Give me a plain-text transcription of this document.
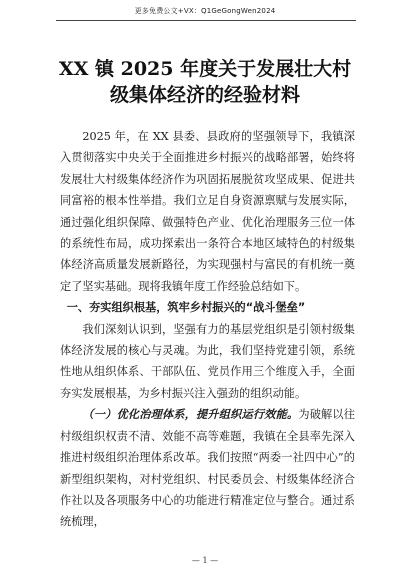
更多免费公文+VX：Q1GeGongWen2024
XX 镇 2025 年度关于发展壮大村级集体经济的经验材料

2025 年，在 XX 县委、县政府的坚强领导下，我镇深入贯彻落实中央关于全面推进乡村振兴的战略部署，始终将发展壮大村级集体经济作为巩固拓展脱贫攻坚成果、促进共同富裕的根本性举措。我们立足自身资源禀赋与发展实际，通过强化组织保障、做强特色产业、优化治理服务三位一体的系统性布局，成功探索出一条符合本地区域特色的村级集体经济高质量发展新路径，为实现强村与富民的有机统一奠定了坚实基础。现将我镇年度工作经验总结如下。

一、夯实组织根基，筑牢乡村振兴的“战斗堡垒”

我们深刻认识到，坚强有力的基层党组织是引领村级集体经济发展的核心与灵魂。为此，我们坚持党建引领，系统性地从组织体系、干部队伍、党员作用三个维度入手，全面夯实发展根基，为乡村振兴注入强劲的组织动能。

（一）优化治理体系，提升组织运行效能。为破解以往村级组织权责不清、效能不高等难题，我镇在全县率先深入推进村级组织治理体系改革。我们按照“两委一社四中心”的新型组织架构，对村党组织、村民委员会、村级集体经济合作社以及各项服务中心的功能进行精准定位与整合。通过系统梳理，

— 1 —
